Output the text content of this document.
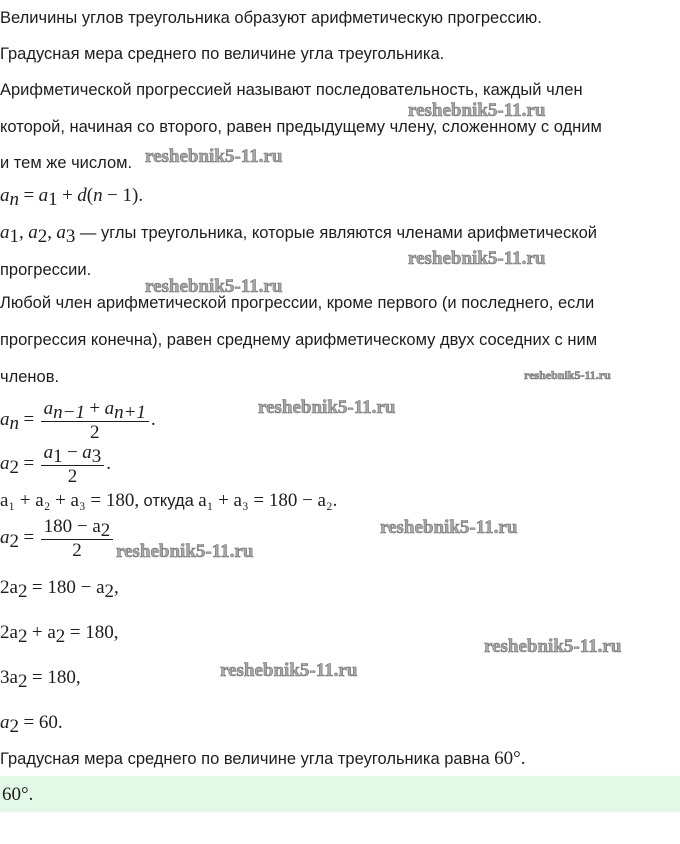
Величины углов треугольника образуют арифметическую прогрессию.
Градусная мера среднего по величине угла треугольника.
Арифметической прогрессией называют последовательность, каждый член
которой, начиная со второго, равен предыдущему члену, сложенному с одним
и тем же числом.
$a_n = a_1 + d(n - 1)$.
$a_1$, $a_2$, $a_3$ — углы треугольника, которые являются членами арифметической
прогрессии.
Любой член арифметической прогрессии, кроме первого (и последнего, если
прогрессия конечна), равен среднему арифметическому двух соседних с ним
членов.
$a_n = \frac{a_{n-1} + a_{n+1}}{2}$ .
$a_2 = \frac{a_1 - a_3}{2}$ .
a₁ + a₂ + a₃ = 180, откуда a₁ + a₃ = 180 − a₂.
$a_2 = \frac{180 - a_2}{2}$
$2a_2 = 180 - a_2$,
$2a_2 + a_2 = 180$,
$3a_2 = 180$,
$a_2 = 60$.
Градусная мера среднего по величине угла треугольника равна 60°.
60°.
reshebnik5-11.ru
reshebnik5-11.ru
reshebnik5-11.ru
reshebnik5-11.ru
reshebnik5-11.ru
reshebnik5-11.ru
reshebnik5-11.ru
reshebnik5-11.ru
reshebnik5-11.ru
reshebnik5-11.ru
